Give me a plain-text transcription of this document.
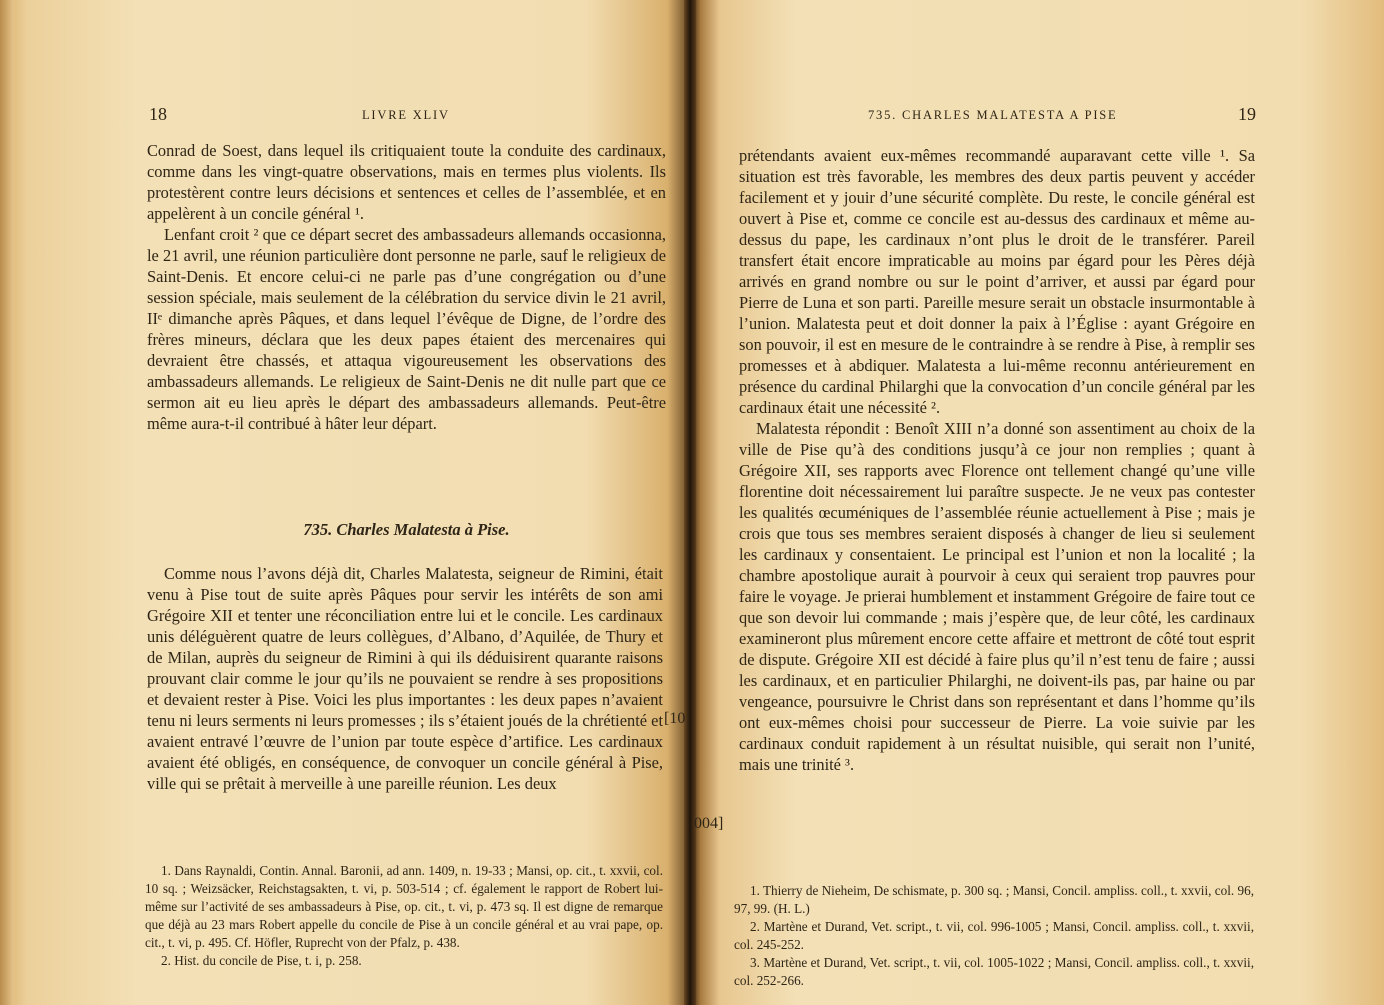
18	LIVRE XLIV

Conrad de Soest, dans lequel ils critiquaient toute la conduite des cardinaux, comme dans les vingt-quatre observations, mais en termes plus violents. Ils protestèrent contre leurs décisions et sentences et celles de l’assemblée, et en appelèrent à un concile général ¹.

Lenfant croit ² que ce départ secret des ambassadeurs allemands occasionna, le 21 avril, une réunion particulière dont personne ne parle, sauf le religieux de Saint-Denis. Et encore celui-ci ne parle pas d’une congrégation ou d’une session spéciale, mais seulement de la célébration du service divin le 21 avril, IIᵉ dimanche après Pâques, et dans lequel l’évêque de Digne, de l’ordre des frères mineurs, déclara que les deux papes étaient des mercenaires qui devraient être chassés, et attaqua vigoureusement les observations des ambassadeurs allemands. Le religieux de Saint-Denis ne dit nulle part que ce sermon ait eu lieu après le départ des ambassadeurs allemands. Peut-être même aura-t-il contribué à hâter leur départ.

735. Charles Malatesta à Pise.

Comme nous l’avons déjà dit, Charles Malatesta, seigneur de Rimini, était venu à Pise tout de suite après Pâques pour servir les intérêts de son ami Grégoire XII et tenter une réconciliation entre lui et le concile. Les cardinaux unis déléguèrent quatre de leurs collègues, d’Albano, d’Aquilée, de Thury et de Milan, auprès du seigneur de Rimini à qui ils déduisirent quarante raisons prouvant clair comme le jour qu’ils ne pouvaient se rendre à ses propositions et devaient rester à Pise. Voici les plus importantes : les deux papes n’avaient tenu ni leurs serments ni leurs promesses ; ils s’étaient joués de la chrétienté et avaient entravé l’œuvre de l’union par toute espèce d’artifice. Les cardinaux avaient été obligés, en conséquence, de convoquer un concile général à Pise, ville qui se prêtait à merveille à une pareille réunion. Les deux

[10

1. Dans Raynaldi, Contin. Annal. Baronii, ad ann. 1409, n. 19-33 ; Mansi, op. cit., t. xxvii, col. 10 sq. ; Weizsäcker, Reichstagsakten, t. vi, p. 503-514 ; cf. également le rapport de Robert lui-même sur l’activité de ses ambassadeurs à Pise, op. cit., t. vi, p. 473 sq. Il est digne de remarque que déjà au 23 mars Robert appelle du concile de Pise à un concile général et au vrai pape, op. cit., t. vi, p. 495. Cf. Höfler, Ruprecht von der Pfalz, p. 438.

2. Hist. du concile de Pise, t. i, p. 258.

735. CHARLES MALATESTA A PISE	19

prétendants avaient eux-mêmes recommandé auparavant cette ville ¹. Sa situation est très favorable, les membres des deux partis peuvent y accéder facilement et y jouir d’une sécurité complète. Du reste, le concile général est ouvert à Pise et, comme ce concile est au-dessus des cardinaux et même au-dessus du pape, les cardinaux n’ont plus le droit de le transférer. Pareil transfert était encore impraticable au moins par égard pour les Pères déjà arrivés en grand nombre ou sur le point d’arriver, et aussi par égard pour Pierre de Luna et son parti. Pareille mesure serait un obstacle insurmontable à l’union. Malatesta peut et doit donner la paix à l’Église : ayant Grégoire en son pouvoir, il est en mesure de le contraindre à se rendre à Pise, à remplir ses promesses et à abdiquer. Malatesta a lui-même reconnu antérieurement en présence du cardinal Philarghi que la convocation d’un concile général par les cardinaux était une nécessité ².

Malatesta répondit : Benoît XIII n’a donné son assentiment au choix de la ville de Pise qu’à des conditions jusqu’à ce jour non remplies ; quant à Grégoire XII, ses rapports avec Florence ont tellement changé qu’une ville florentine doit nécessairement lui paraître suspecte. Je ne veux pas contester les qualités œcuméniques de l’assemblée réunie actuellement à Pise ; mais je crois que tous ses membres seraient disposés à changer de lieu si seulement les cardinaux y consentaient. Le principal est l’union et non la localité ; la chambre apostolique aurait à pourvoir à ceux qui seraient trop pauvres pour faire le voyage. Je prierai humblement et instamment Grégoire de faire tout ce que son devoir lui commande ; mais j’espère que, de leur côté, les cardinaux examineront plus mûrement encore cette affaire et mettront de côté tout esprit de dispute. Grégoire XII est décidé à faire plus qu’il n’est tenu de faire ; aussi les cardinaux, et en particulier Philarghi, ne doivent-ils pas, par haine ou par vengeance, poursuivre le Christ dans son représentant et dans l’homme qu’ils ont eux-mêmes choisi pour successeur de Pierre. La voie suivie par les cardinaux conduit rapidement à un résultat nuisible, qui serait non l’unité, mais une trinité ³.

004]

1. Thierry de Nieheim, De schismate, p. 300 sq. ; Mansi, Concil. ampliss. coll., t. xxvii, col. 96, 97, 99. (H. L.)

2. Martène et Durand, Vet. script., t. vii, col. 996-1005 ; Mansi, Concil. ampliss. coll., t. xxvii, col. 245-252.

3. Martène et Durand, Vet. script., t. vii, col. 1005-1022 ; Mansi, Concil. ampliss. coll., t. xxvii, col. 252-266.
